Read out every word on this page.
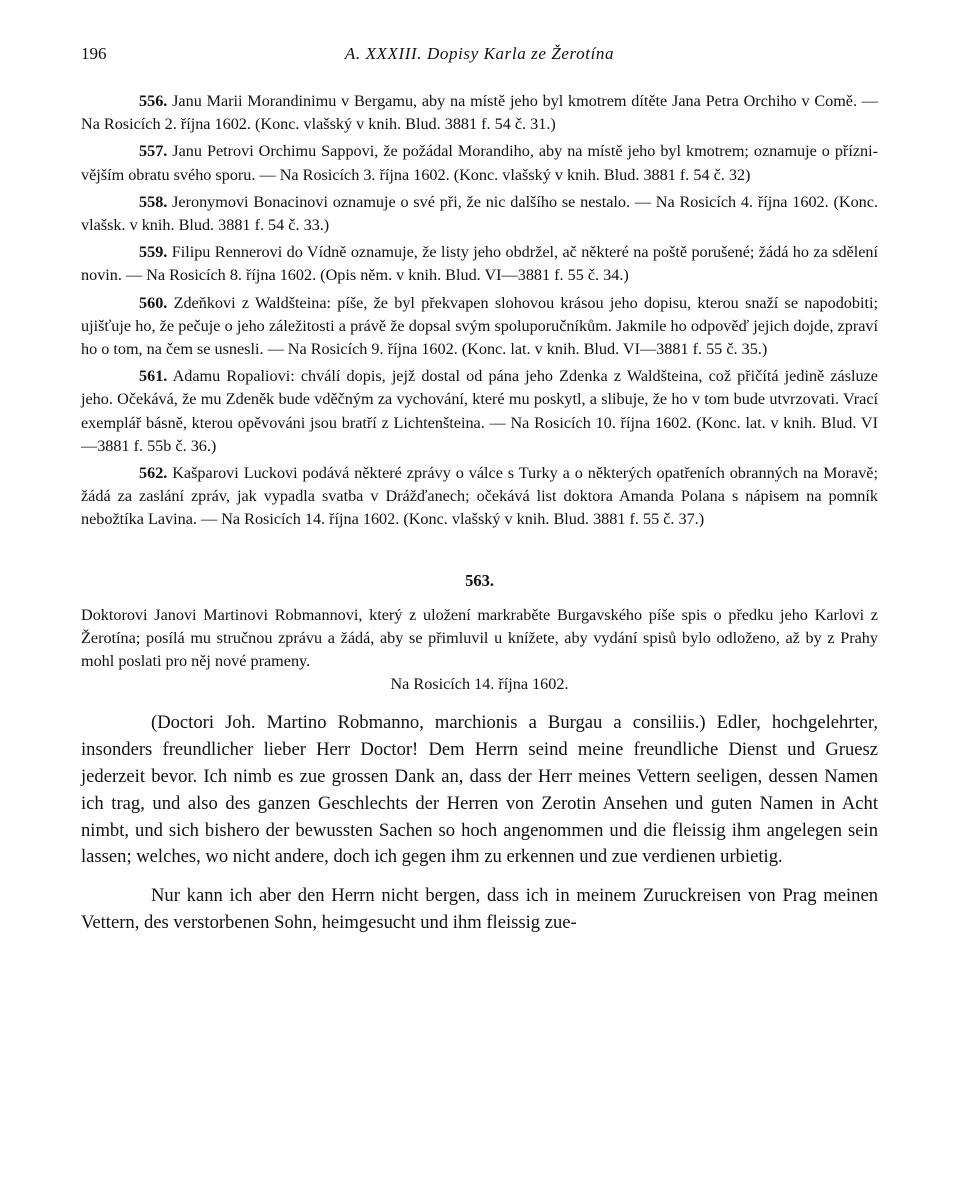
196	A. XXXIII. Dopisy Karla ze Žerotína

556. Janu Marii Morandinimu v Bergamu, aby na místě jeho byl kmotrem dítěte Jana Petra Orchiho v Comě. — Na Rosicích 2. října 1602. (Konc. vlašský v knih. Blud. 3881 f. 54 č. 31.)

557. Janu Petrovi Orchimu Sappovi, že požádal Morandiho, aby na místě jeho byl kmotrem; oznamuje o příznivějším obratu svého sporu. — Na Rosicích 3. října 1602. (Konc. vlašský v knih. Blud. 3881 f. 54 č. 32)

558. Jeronymovi Bonacinovi oznamuje o své při, že nic dalšího se nestalo. — Na Rosicích 4. října 1602. (Konc. vlašsk. v knih. Blud. 3881 f. 54 č. 33.)

559. Filipu Rennerovi do Vídně oznamuje, že listy jeho obdržel, ač některé na poště porušené; žádá ho za sdělení novin. — Na Rosicích 8. října 1602. (Opis něm. v knih. Blud. VI—3881 f. 55 č. 34.)

560. Zdeňkovi z Waldšteina: píše, že byl překvapen slohovou krásou jeho dopisu, kterou snaží se napodobiti; ujišťuje ho, že pečuje o jeho záležitosti a právě že dopsal svým spoluporučníkům. Jakmile ho odpověď jejich dojde, zpraví ho o tom, na čem se usnesli. — Na Rosicích 9. října 1602. (Konc. lat. v knih. Blud. VI—3881 f. 55 č. 35.)

561. Adamu Ropaliovi: chválí dopis, jejž dostal od pána jeho Zdenka z Waldšteina, což přičítá jedině zásluze jeho. Očekává, že mu Zdeněk bude vděčným za vychování, které mu poskytl, a slibuje, že ho v tom bude utvrzovati. Vrací exemplář básně, kterou opěvováni jsou bratří z Lichtenšteina. — Na Rosicích 10. října 1602. (Konc. lat. v knih. Blud. VI—3881 f. 55b č. 36.)

562. Kašparovi Luckovi podává některé zprávy o válce s Turky a o některých opatřeních obranných na Moravě; žádá za zaslání zpráv, jak vypadla svatba v Drážďanech; očekává list doktora Amanda Polana s nápisem na pomník nebožtíka Lavina. — Na Rosicích 14. října 1602. (Konc. vlašský v knih. Blud. 3881 f. 55 č. 37.)

563.
Doktorovi Janovi Martinovi Robmannovi, který z uložení markraběte Burgavského píše spis o předku jeho Karlovi z Žerotína; posílá mu stručnou zprávu a žádá, aby se přimluvil u knížete, aby vydání spisů bylo odloženo, až by z Prahy mohl poslati pro něj nové prameny.
Na Rosicích 14. října 1602.

(Doctori Joh. Martino Robmanno, marchionis a Burgau a consiliis.) Edler, hochgelehrter, insonders freundlicher lieber Herr Doctor! Dem Herrn seind meine freundliche Dienst und Gruesz jederzeit bevor. Ich nimb es zue grossen Dank an, dass der Herr meines Vettern seeligen, dessen Namen ich trag, und also des ganzen Geschlechts der Herren von Zerotin Ansehen und guten Namen in Acht nimbt, und sich bishero der bewussten Sachen so hoch angenommen und die fleissig ihm angelegen sein lassen; welches, wo nicht andere, doch ich gegen ihm zu erkennen und zue verdienen urbietig.

Nur kann ich aber den Herrn nicht bergen, dass ich in meinem Zuruckreisen von Prag meinen Vettern, des verstorbenen Sohn, heimgesucht und ihm fleissig zue-
